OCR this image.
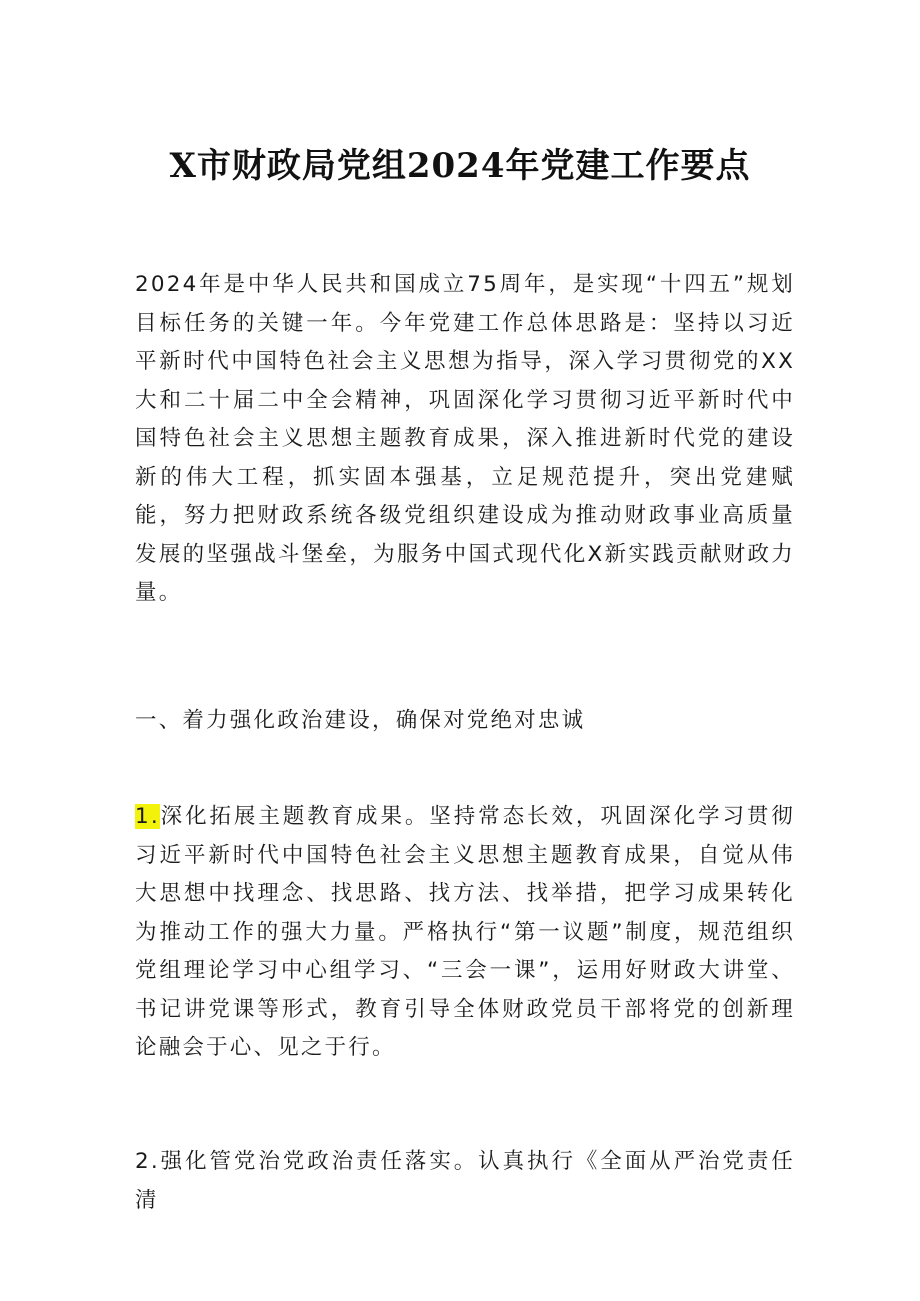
X市财政局党组2024年党建工作要点
2024年是中华人民共和国成立75周年，是实现“十四五”规划目标任务的关键一年。今年党建工作总体思路是：坚持以习近平新时代中国特色社会主义思想为指导，深入学习贯彻党的XX大和二十届二中全会精神，巩固深化学习贯彻习近平新时代中国特色社会主义思想主题教育成果，深入推进新时代党的建设新的伟大工程，抓实固本强基，立足规范提升，突出党建赋能，努力把财政系统各级党组织建设成为推动财政事业高质量发展的坚强战斗堡垒，为服务中国式现代化X新实践贡献财政力量。
一、着力强化政治建设，确保对党绝对忠诚
1.深化拓展主题教育成果。坚持常态长效，巩固深化学习贯彻习近平新时代中国特色社会主义思想主题教育成果，自觉从伟大思想中找理念、找思路、找方法、找举措，把学习成果转化为推动工作的强大力量。严格执行“第一议题”制度，规范组织党组理论学习中心组学习、“三会一课”，运用好财政大讲堂、书记讲党课等形式，教育引导全体财政党员干部将党的创新理论融会于心、见之于行。
2.强化管党治党政治责任落实。认真执行《全面从严治党责任清
